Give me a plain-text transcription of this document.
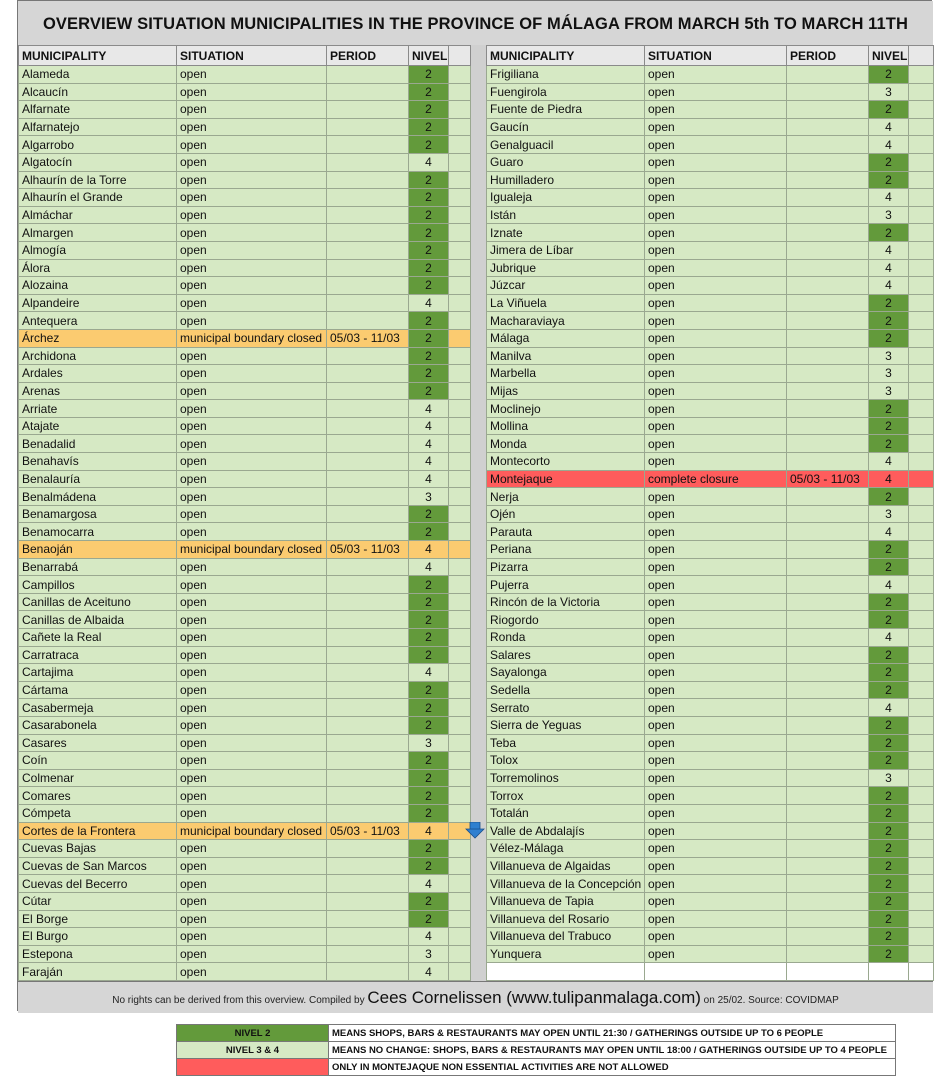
OVERVIEW SITUATION MUNICIPALITIES IN THE PROVINCE OF MÁLAGA FROM MARCH 5th TO MARCH 11TH
MUNICIPALITY	SITUATION	PERIOD	NIVEL	
Alameda	open		2	
Alcaucín	open		2	
Alfarnate	open		2	
Alfarnatejo	open		2	
Algarrobo	open		2	
Algatocín	open		4	
Alhaurín de la Torre	open		2	
Alhaurín el Grande	open		2	
Almáchar	open		2	
Almargen	open		2	
Almogía	open		2	
Álora	open		2	
Alozaina	open		2	
Alpandeire	open		4	
Antequera	open		2	
Árchez	municipal boundary closed	05/03 - 11/03	2	
Archidona	open		2	
Ardales	open		2	
Arenas	open		2	
Arriate	open		4	
Atajate	open		4	
Benadalid	open		4	
Benahavís	open		4	
Benalauría	open		4	
Benalmádena	open		3	
Benamargosa	open		2	
Benamocarra	open		2	
Benaoján	municipal boundary closed	05/03 - 11/03	4	
Benarrabá	open		4	
Campillos	open		2	
Canillas de Aceituno	open		2	
Canillas de Albaida	open		2	
Cañete la Real	open		2	
Carratraca	open		2	
Cartajima	open		4	
Cártama	open		2	
Casabermeja	open		2	
Casarabonela	open		2	
Casares	open		3	
Coín	open		2	
Colmenar	open		2	
Comares	open		2	
Cómpeta	open		2	
Cortes de la Frontera	municipal boundary closed	05/03 - 11/03	4	
Cuevas Bajas	open		2	
Cuevas de San Marcos	open		2	
Cuevas del Becerro	open		4	
Cútar	open		2	
El Borge	open		2	
El Burgo	open		4	
Estepona	open		3	
Faraján	open		4	
MUNICIPALITY	SITUATION	PERIOD	NIVEL	
Frigiliana	open		2	
Fuengirola	open		3	
Fuente de Piedra	open		2	
Gaucín	open		4	
Genalguacil	open		4	
Guaro	open		2	
Humilladero	open		2	
Igualeja	open		4	
Istán	open		3	
Iznate	open		2	
Jimera de Líbar	open		4	
Jubrique	open		4	
Júzcar	open		4	
La Viñuela	open		2	
Macharaviaya	open		2	
Málaga	open		2	
Manilva	open		3	
Marbella	open		3	
Mijas	open		3	
Moclinejo	open		2	
Mollina	open		2	
Monda	open		2	
Montecorto	open		4	
Montejaque	complete closure	05/03 - 11/03	4	
Nerja	open		2	
Ojén	open		3	
Parauta	open		4	
Periana	open		2	
Pizarra	open		2	
Pujerra	open		4	
Rincón de la Victoria	open		2	
Riogordo	open		2	
Ronda	open		4	
Salares	open		2	
Sayalonga	open		2	
Sedella	open		2	
Serrato	open		4	
Sierra de Yeguas	open		2	
Teba	open		2	
Tolox	open		2	
Torremolinos	open		3	
Torrox	open		2	
Totalán	open		2	
Valle de Abdalajís	open		2	
Vélez-Málaga	open		2	
Villanueva de Algaidas	open		2	
Villanueva de la Concepción	open		2	
Villanueva de Tapia	open		2	
Villanueva del Rosario	open		2	
Villanueva del Trabuco	open		2	
Yunquera	open		2	

No rights can be derived from this overview. Compiled by Cees Cornelissen (www.tulipanmalaga.com) on 25/02. Source: COVIDMAP
NIVEL 2	MEANS SHOPS, BARS & RESTAURANTS MAY OPEN UNTIL 21:30 / GATHERINGS OUTSIDE UP TO 6 PEOPLE
NIVEL 3 & 4	MEANS NO CHANGE: SHOPS, BARS & RESTAURANTS MAY OPEN UNTIL 18:00 / GATHERINGS OUTSIDE UP TO 4 PEOPLE
	ONLY IN MONTEJAQUE NON ESSENTIAL ACTIVITIES ARE NOT ALLOWED
